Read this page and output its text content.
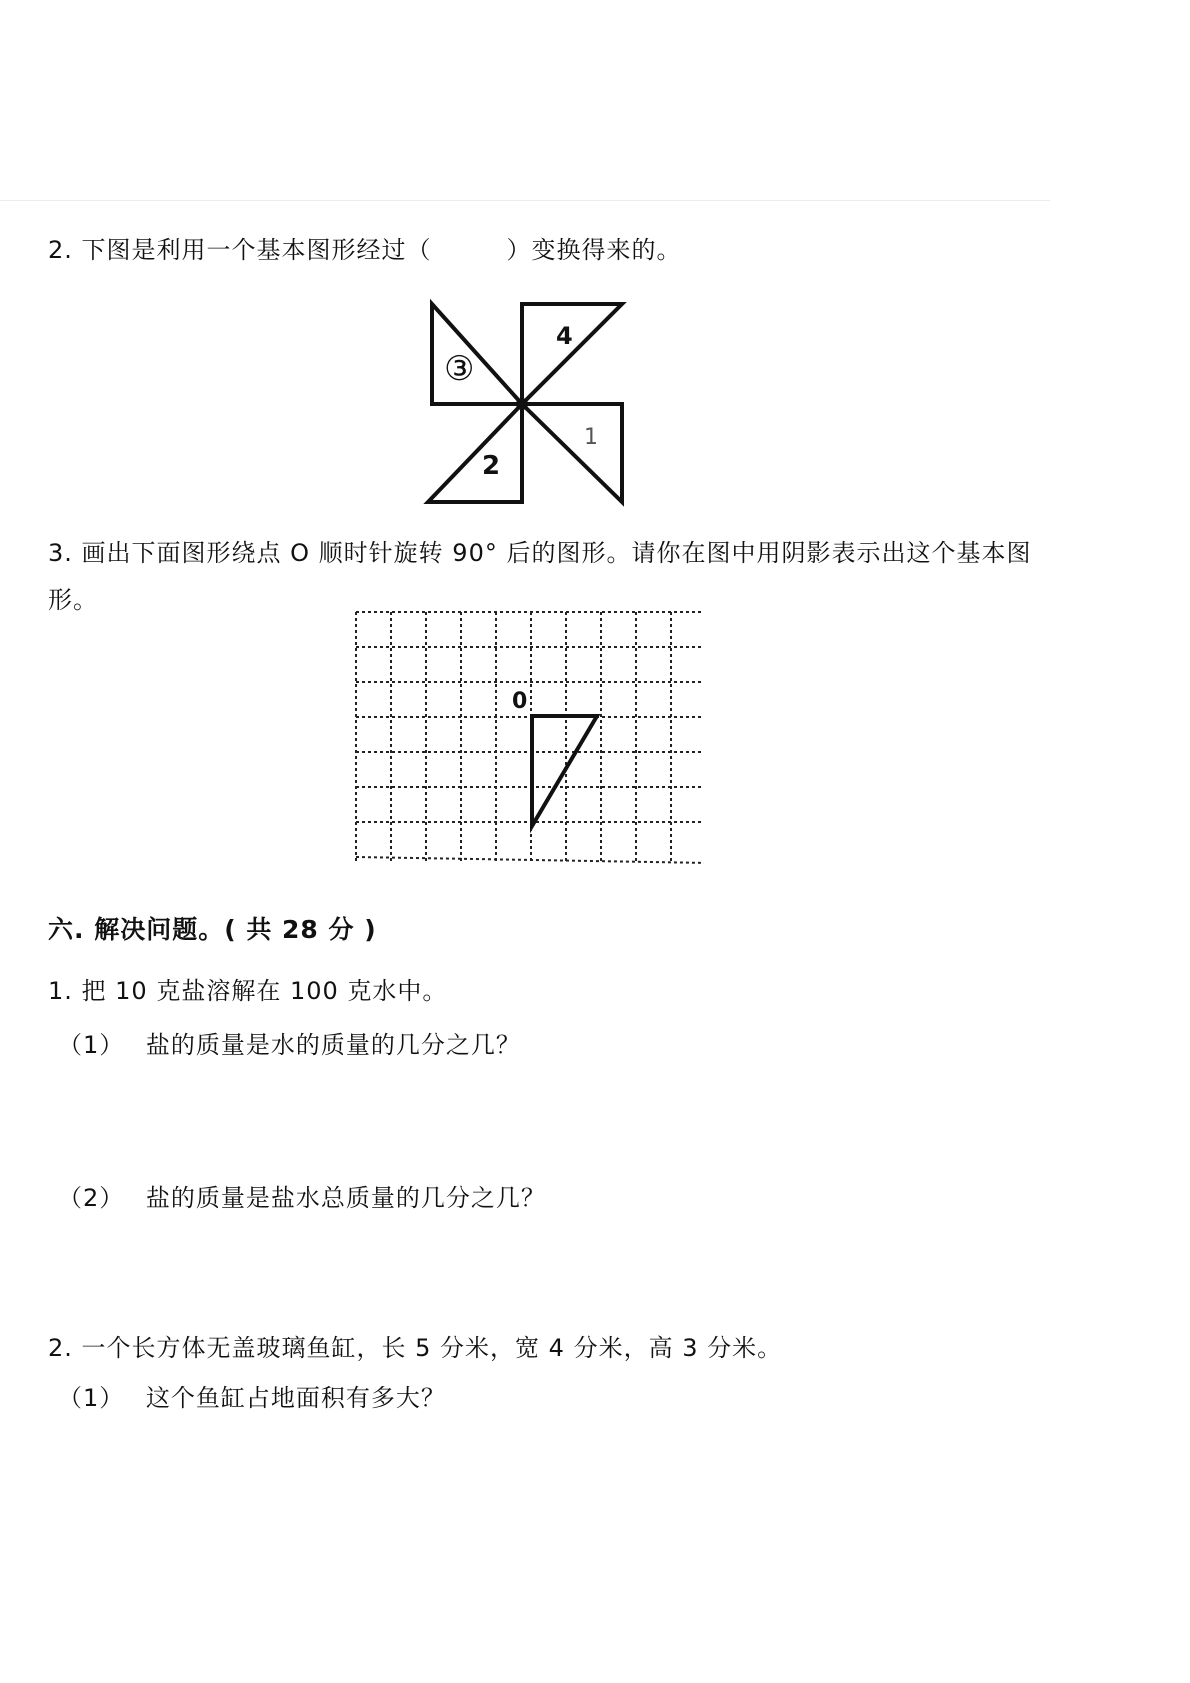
2. 下图是利用一个基本图形经过（　　　）变换得来的。
4
③
1
2
3. 画出下面图形绕点 O 顺时针旋转 90° 后的图形。请你在图中用阴影表示出这个基本图
形。
0
六. 解决问题。( 共 28 分 )
1. 把 10 克盐溶解在 100 克水中。
（1）　 盐的质量是水的质量的几分之几？
（2）　 盐的质量是盐水总质量的几分之几？
2. 一个长方体无盖玻璃鱼缸，长 5 分米，宽 4 分米，高 3 分米。
（1）　 这个鱼缸占地面积有多大？
